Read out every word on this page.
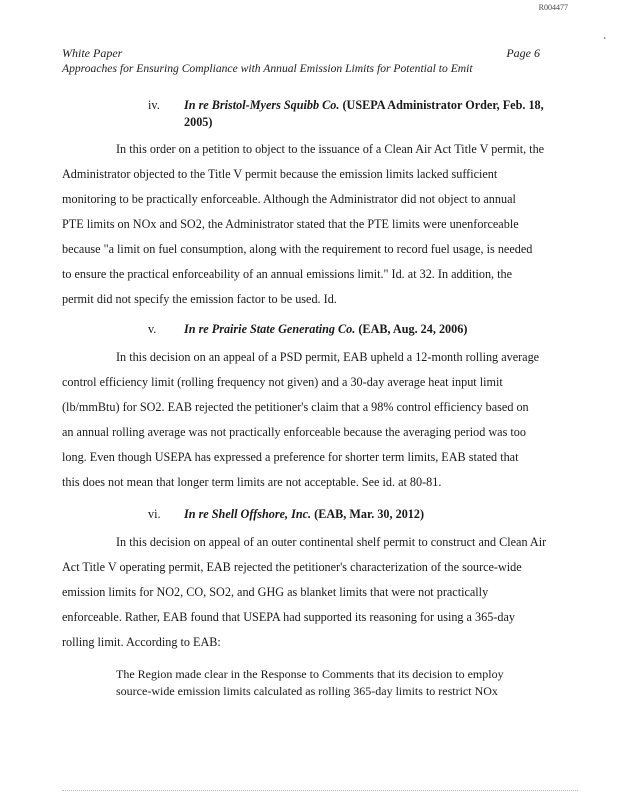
R004477
•
White Paper	Page 6
Approaches for Ensuring Compliance with Annual Emission Limits for Potential to Emit
iv. In re Bristol-Myers Squibb Co. (USEPA Administrator Order, Feb. 18,
2005)
In this order on a petition to object to the issuance of a Clean Air Act Title V permit, the
Administrator objected to the Title V permit because the emission limits lacked sufficient
monitoring to be practically enforceable. Although the Administrator did not object to annual
PTE limits on NOx and SO2, the Administrator stated that the PTE limits were unenforceable
because "a limit on fuel consumption, along with the requirement to record fuel usage, is needed
to ensure the practical enforceability of an annual emissions limit." Id. at 32. In addition, the
permit did not specify the emission factor to be used. Id.
v. In re Prairie State Generating Co. (EAB, Aug. 24, 2006)
In this decision on an appeal of a PSD permit, EAB upheld a 12-month rolling average
control efficiency limit (rolling frequency not given) and a 30-day average heat input limit
(lb/mmBtu) for SO2. EAB rejected the petitioner's claim that a 98% control efficiency based on
an annual rolling average was not practically enforceable because the averaging period was too
long. Even though USEPA has expressed a preference for shorter term limits, EAB stated that
this does not mean that longer term limits are not acceptable. See id. at 80-81.
vi. In re Shell Offshore, Inc. (EAB, Mar. 30, 2012)
In this decision on appeal of an outer continental shelf permit to construct and Clean Air
Act Title V operating permit, EAB rejected the petitioner's characterization of the source-wide
emission limits for NO2, CO, SO2, and GHG as blanket limits that were not practically
enforceable. Rather, EAB found that USEPA had supported its reasoning for using a 365-day
rolling limit. According to EAB:
The Region made clear in the Response to Comments that its decision to employ
source-wide emission limits calculated as rolling 365-day limits to restrict NOx
